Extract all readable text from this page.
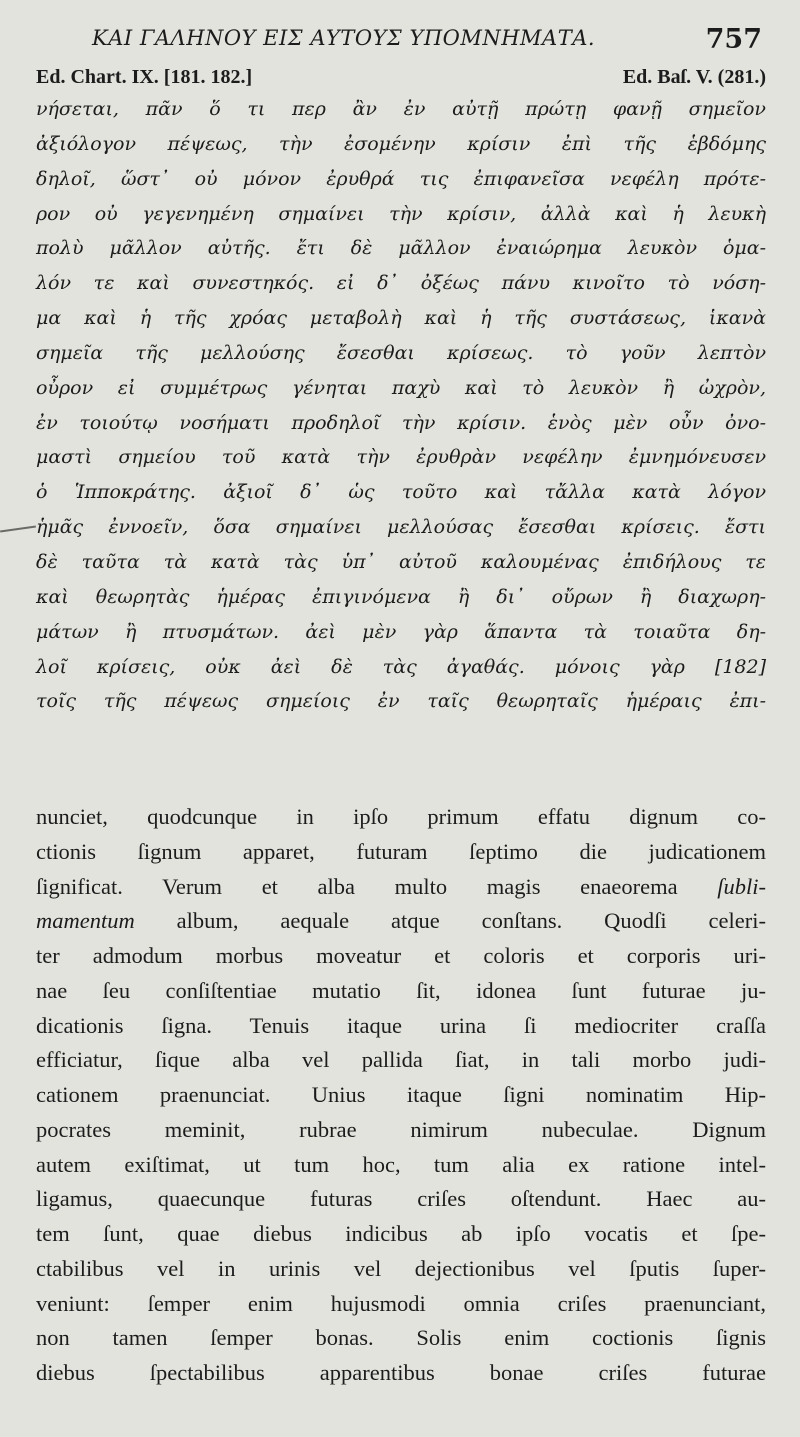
ΚΑΙ ΓΑΛΗΝΟΥ ΕΙΣ ΑΥΤΟΥΣ ΥΠΟΜΝΗΜΑΤΑ.	757
Ed. Chart. IX. [181. 182.]	Ed. Baſ. V. (281.)
νήσεται, πᾶν ὅ τι περ ἂν ἐν αὐτῇ πρώτῃ φανῇ σημεῖον
ἀξιόλογον πέψεως, τὴν ἐσομένην κρίσιν ἐπὶ τῆς ἑβδόμης
δηλοῖ, ὥστ᾿ οὐ μόνον ἐρυθρά τις ἐπιφανεῖσα νεφέλη πρότε-
ρον οὐ γεγενημένη σημαίνει τὴν κρίσιν, ἀλλὰ καὶ ἡ λευκὴ
πολὺ μᾶλλον αὐτῆς. ἔτι δὲ μᾶλλον ἐναιώρημα λευκὸν ὁμα-
λόν τε καὶ συνεστηκός. εἰ δ᾿ ὀξέως πάνυ κινοῖτο τὸ νόση-
μα καὶ ἡ τῆς χρόας μεταβολὴ καὶ ἡ τῆς συστάσεως, ἱκανὰ
σημεῖα τῆς μελλούσης ἔσεσθαι κρίσεως. τὸ γοῦν λεπτὸν
οὖρον εἰ συμμέτρως γένηται παχὺ καὶ τὸ λευκὸν ἢ ὠχρὸν,
ἐν τοιούτῳ νοσήματι προδηλοῖ τὴν κρίσιν. ἑνὸς μὲν οὖν ὀνο-
μαστὶ σημείου τοῦ κατὰ τὴν ἐρυθρὰν νεφέλην ἐμνημόνευσεν
ὁ Ἱπποκράτης. ἀξιοῖ δ᾿ ὡς τοῦτο καὶ τἄλλα κατὰ λόγον
ἡμᾶς ἐννοεῖν, ὅσα σημαίνει μελλούσας ἔσεσθαι κρίσεις. ἔστι
δὲ ταῦτα τὰ κατὰ τὰς ὑπ᾿ αὐτοῦ καλουμένας ἐπιδήλους τε
καὶ θεωρητὰς ἡμέρας ἐπιγινόμενα ἢ δι᾿ οὔρων ἢ διαχωρη-
μάτων ἢ πτυσμάτων. ἀεὶ μὲν γὰρ ἅπαντα τὰ τοιαῦτα δη-
λοῖ κρίσεις, οὐκ ἀεὶ δὲ τὰς ἀγαθάς. μόνοις γὰρ [182]
τοῖς τῆς πέψεως σημείοις ἐν ταῖς θεωρηταῖς ἡμέραις ἐπι-
nunciet, quodcunque in ipſo primum effatu dignum co-
ctionis ſignum apparet, futuram ſeptimo die judicationem
ſignificat. Verum et alba multo magis enaeorema ſubli-
mamentum album, aequale atque conſtans. Quodſi celeri-
ter admodum morbus moveatur et coloris et corporis uri-
nae ſeu conſiſtentiae mutatio ſit, idonea ſunt futurae ju-
dicationis ſigna. Tenuis itaque urina ſi mediocriter craſſa
efficiatur, ſique alba vel pallida ſiat, in tali morbo judi-
cationem praenunciat. Unius itaque ſigni nominatim Hip-
pocrates meminit, rubrae nimirum nubeculae. Dignum
autem exiſtimat, ut tum hoc, tum alia ex ratione intel-
ligamus, quaecunque futuras criſes oſtendunt. Haec au-
tem ſunt, quae diebus indicibus ab ipſo vocatis et ſpe-
ctabilibus vel in urinis vel dejectionibus vel ſputis ſuper-
veniunt: ſemper enim hujusmodi omnia criſes praenunciant,
non tamen ſemper bonas. Solis enim coctionis ſignis
diebus ſpectabilibus apparentibus bonae criſes futurae
